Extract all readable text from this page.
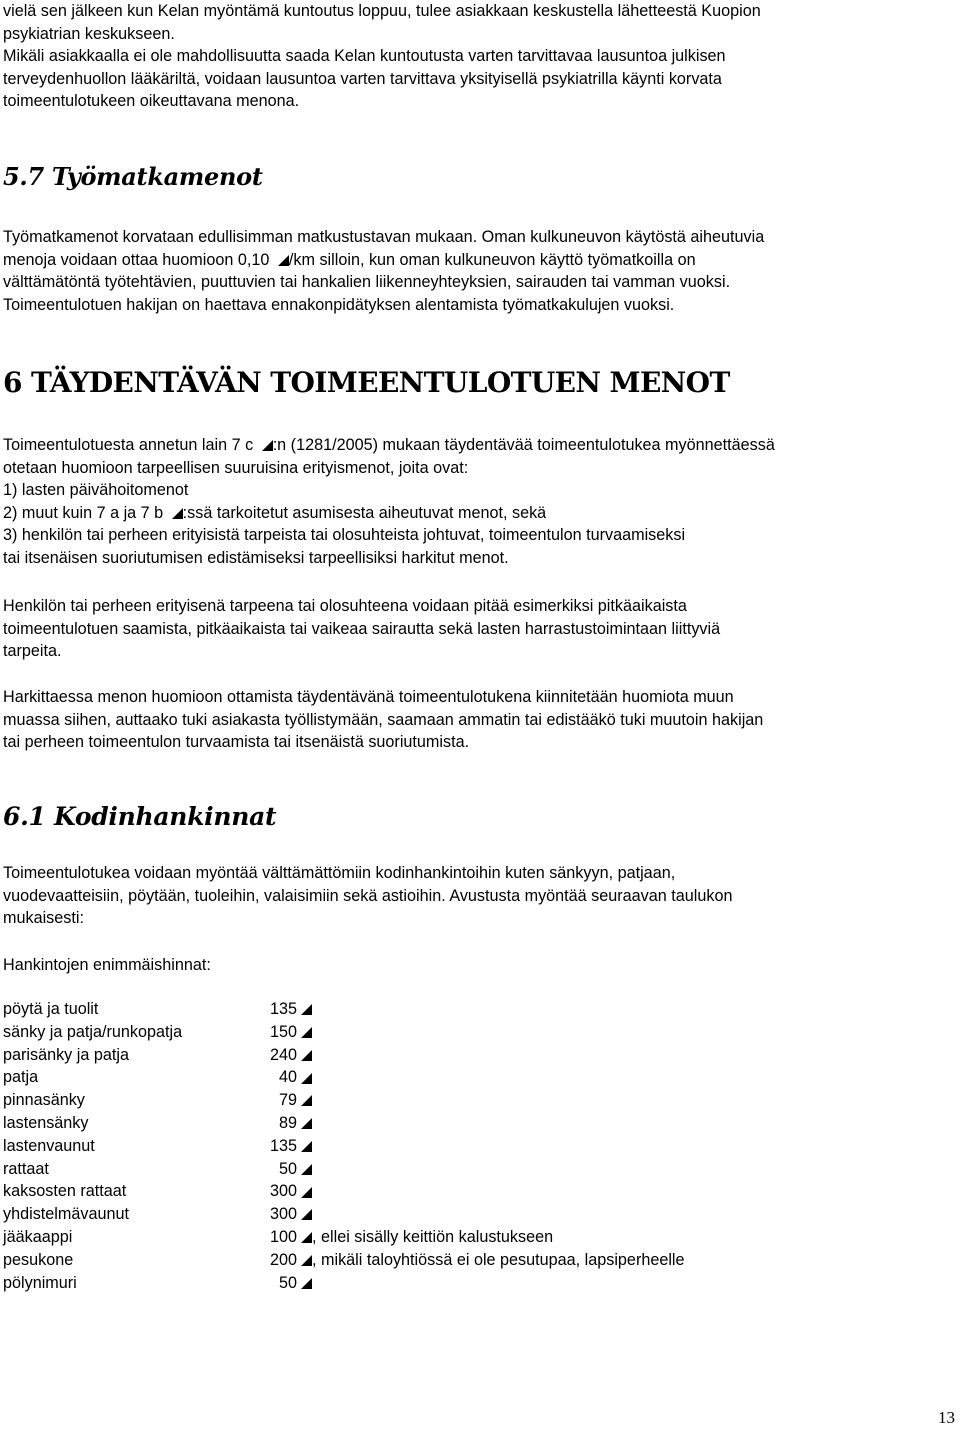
vielä sen jälkeen kun Kelan myöntämä kuntoutus loppuu, tulee asiakkaan keskustella lähetteestä Kuopion

psykiatrian keskukseen.

Mikäli asiakkaalla ei ole mahdollisuutta saada Kelan kuntoutusta varten tarvittavaa lausuntoa julkisen

terveydenhuollon lääkäriltä, voidaan lausuntoa varten tarvittava yksityisellä psykiatrilla käynti korvata

toimeentulotukeen oikeuttavana menona.

5.7 Työmatkamenot

Työmatkamenot korvataan edullisimman matkustustavan mukaan. Oman kulkuneuvon käytöstä aiheutuvia

menoja voidaan ottaa huomioon 0,10
/km silloin, kun oman kulkuneuvon käyttö työmatkoilla on

välttämätöntä työtehtävien, puuttuvien tai hankalien liikenneyhteyksien, sairauden tai vamman vuoksi.

Toimeentulotuen hakijan on haettava ennakonpidätyksen alentamista työmatkakulujen vuoksi.

6 TÄYDENTÄVÄN TOIMEENTULOTUEN MENOT

Toimeentulotuesta annetun lain 7 c
:n (1281/2005) mukaan täydentävää toimeentulotukea myönnettäessä

otetaan huomioon tarpeellisen suuruisina erityismenot, joita ovat:

1) lasten päivähoitomenot

2) muut kuin 7 a ja 7 b
:ssä tarkoitetut asumisesta aiheutuvat menot, sekä

3) henkilön tai perheen erityisistä tarpeista tai olosuhteista johtuvat, toimeentulon turvaamiseksi

tai itsenäisen suoriutumisen edistämiseksi tarpeellisiksi harkitut menot.

Henkilön tai perheen erityisenä tarpeena tai olosuhteena voidaan pitää esimerkiksi pitkäaikaista

toimeentulotuen saamista, pitkäaikaista tai vaikeaa sairautta sekä lasten harrastustoimintaan liittyviä

tarpeita.

Harkittaessa menon huomioon ottamista täydentävänä toimeentulotukena kiinnitetään huomiota muun

muassa siihen, auttaako tuki asiakasta työllistymään, saamaan ammatin tai edistääkö tuki muutoin hakijan

tai perheen toimeentulon turvaamista tai itsenäistä suoriutumista.

6.1 Kodinhankinnat

Toimeentulotukea voidaan myöntää välttämättömiin kodinhankintoihin kuten sänkyyn, patjaan,

vuodevaatteisiin, pöytään, tuoleihin, valaisimiin sekä astioihin. Avustusta myöntää seuraavan taulukon

mukaisesti:

Hankintojen enimmäishinnat:

pöytä ja tuolit	135	

sänky ja patja/runkopatja	150	

parisänky ja patja	240	

patja	40	

pinnasänky	79	

lastensänky	89	

lastenvaunut	135	

rattaat	50	

kaksosten rattaat	300	

yhdistelmävaunut	300	

jääkaappi	100	, ellei sisälly keittiön kalustukseen
pesukone	200	, mikäli taloyhtiössä ei ole pesutupaa, lapsiperheelle
pölynimuri	50	
13
